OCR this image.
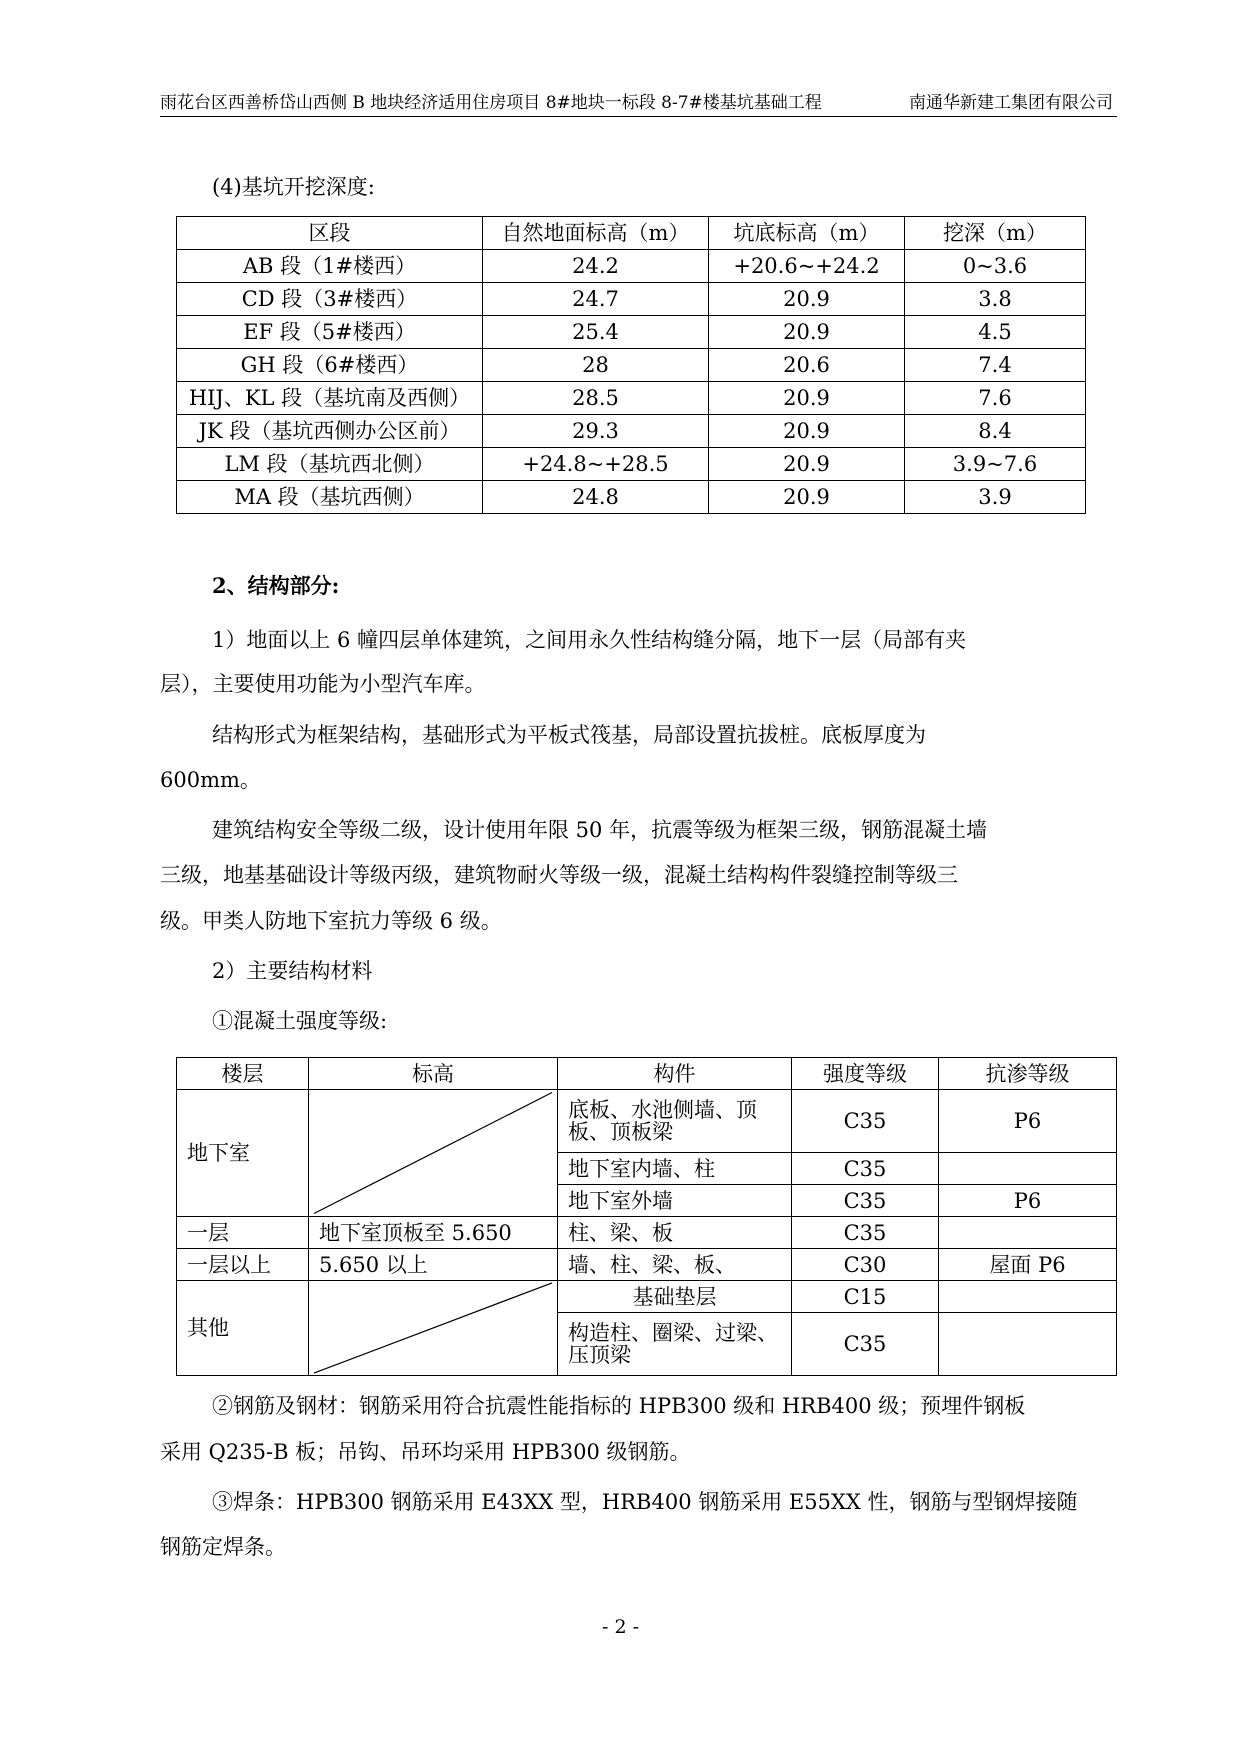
雨花台区西善桥岱山西侧 B 地块经济适用住房项目 8#地块一标段 8-7#楼基坑基础工程	南通华新建工集团有限公司
(4)基坑开挖深度:
区段	自然地面标高（m）	坑底标高（m）	挖深（m）
AB 段（1#楼西）	24.2	+20.6~+24.2	0~3.6
CD 段（3#楼西）	24.7	20.9	3.8
EF 段（5#楼西）	25.4	20.9	4.5
GH 段（6#楼西）	28	20.6	7.4
HIJ、KL 段（基坑南及西侧）	28.5	20.9	7.6
JK 段（基坑西侧办公区前）	29.3	20.9	8.4
LM 段（基坑西北侧）	+24.8~+28.5	20.9	3.9~7.6
MA 段（基坑西侧）	24.8	20.9	3.9
2、结构部分:
1）地面以上 6 幢四层单体建筑，之间用永久性结构缝分隔，地下一层（局部有夹
层），主要使用功能为小型汽车库。
结构形式为框架结构，基础形式为平板式筏基，局部设置抗拔桩。底板厚度为
600mm。
建筑结构安全等级二级，设计使用年限 50 年，抗震等级为框架三级，钢筋混凝土墙
三级，地基基础设计等级丙级，建筑物耐火等级一级，混凝土结构构件裂缝控制等级三
级。甲类人防地下室抗力等级 6 级。
2）主要结构材料
①混凝土强度等级:
楼层	标高	构件	强度等级	抗渗等级
地下室		底板、水池侧墙、顶板、顶板梁	C35	P6
		地下室内墙、柱	C35	
		地下室外墙	C35	P6
一层	地下室顶板至 5.650	柱、梁、板	C35	
一层以上	5.650 以上	墙、柱、梁、板、	C30	屋面 P6
其他		基础垫层	C15	
		构造柱、圈梁、过梁、压顶梁	C35	
②钢筋及钢材：钢筋采用符合抗震性能指标的 HPB300 级和 HRB400 级；预埋件钢板
采用 Q235-B 板；吊钩、吊环均采用 HPB300 级钢筋。
③焊条：HPB300 钢筋采用 E43XX 型，HRB400 钢筋采用 E55XX 性，钢筋与型钢焊接随
钢筋定焊条。
- 2 -
